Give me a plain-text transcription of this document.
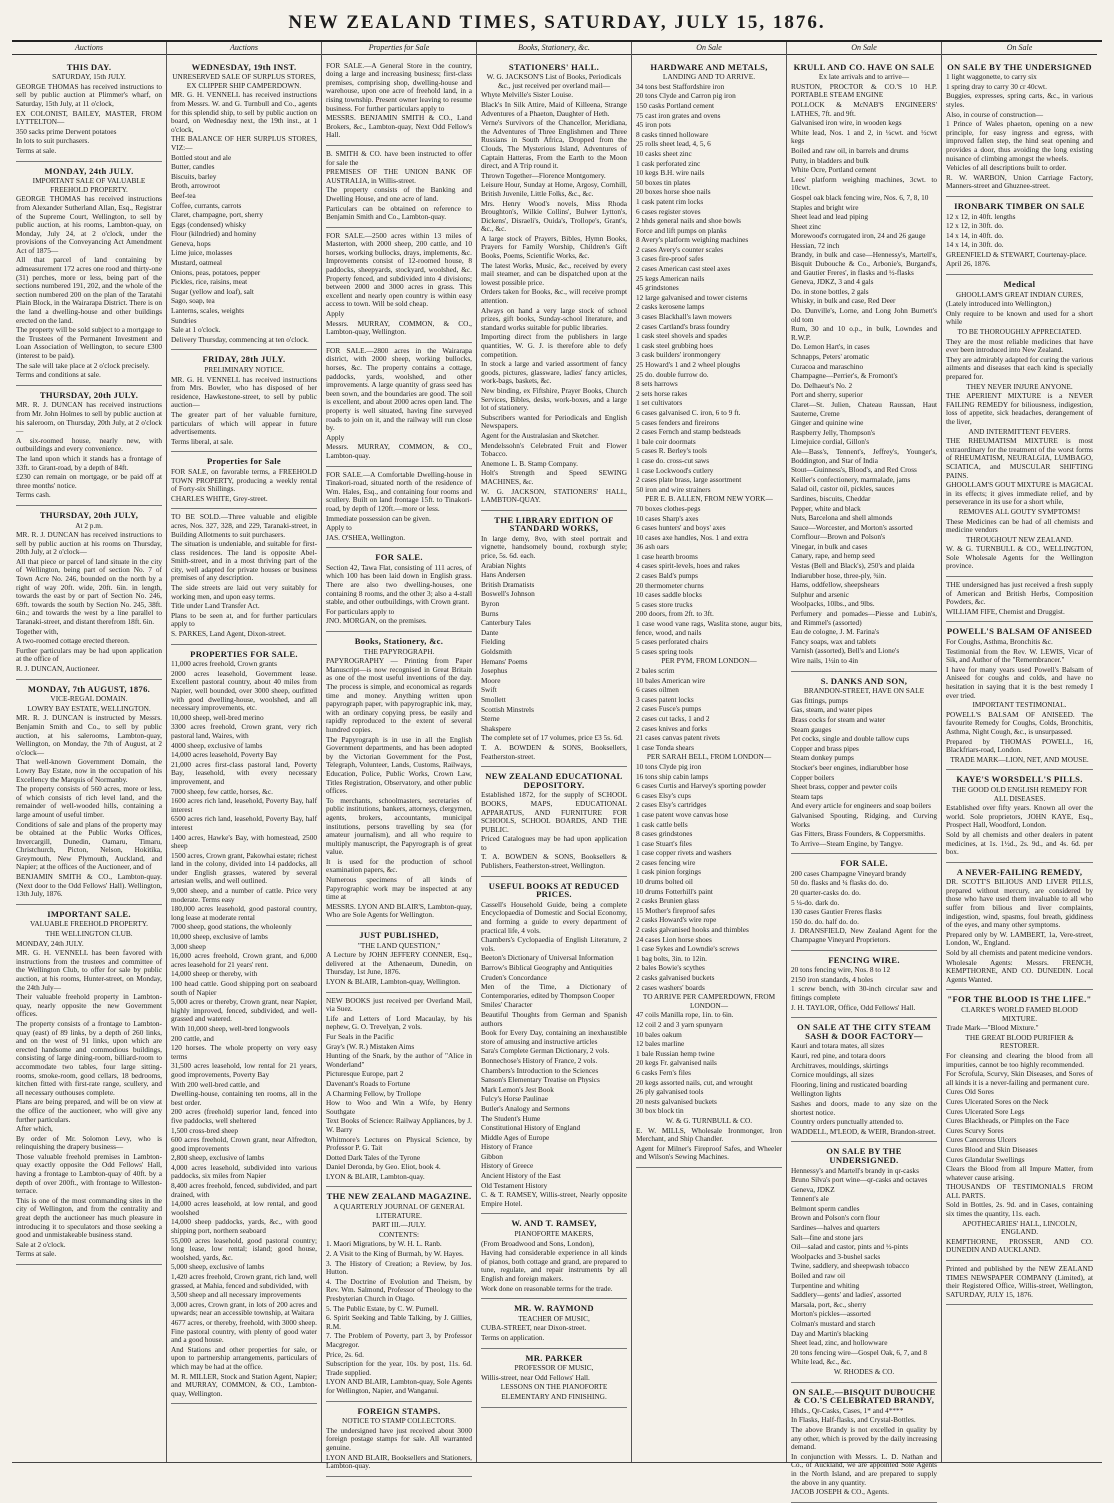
NEW ZEALAND TIMES, SATURDAY, JULY 15, 1876.
Auctions
THIS DAY.

SATURDAY, 15th JULY.

GEORGE THOMAS has received instructions to sell by public auction at Plimmer's wharf, on Saturday, 15th July, at 11 o'clock,

EX COLONIST, BAILEY, MASTER, FROM LYTTELTON—

350 sacks prime Derwent potatoes

In lots to suit purchasers.

Terms at sale.

MONDAY, 24th JULY.

IMPORTANT SALE OF VALUABLE FREEHOLD PROPERTY.

GEORGE THOMAS has received instructions from Alexander Sutherland Allan, Esq., Registrar of the Supreme Court, Wellington, to sell by public auction, at his rooms, Lambton-quay, on Monday, July 24, at 2 o'clock, under the provisions of the Conveyancing Act Amendment Act of 1875—

All that parcel of land containing by admeasurement 172 acres one rood and thirty-one (31) perches, more or less, being part of the sections numbered 191, 202, and the whole of the section numbered 200 on the plan of the Taratahi Plain Block, in the Wairarapa District. There is on the land a dwelling-house and other buildings erected on the land.

The property will be sold subject to a mortgage to the Trustees of the Permanent Investment and Loan Association of Wellington, to secure £300 (interest to be paid).

The sale will take place at 2 o'clock precisely.

Terms and conditions at sale.

THURSDAY, 20th JULY.

MR. R. J. DUNCAN has received instructions from Mr. John Holmes to sell by public auction at his saleroom, on Thursday, 20th July, at 2 o'clock—

A six-roomed house, nearly new, with outbuildings and every convenience.

The land upon which it stands has a frontage of 33ft. to Grant-road, by a depth of 84ft.

£230 can remain on mortgage, or be paid off at three months' notice.

Terms cash.

THURSDAY, 20th JULY,

At 2 p.m.

MR. R. J. DUNCAN has received instructions to sell by public auction at his rooms on Thursday, 20th July, at 2 o'clock—

All that piece or parcel of land situate in the city of Wellington, being part of section No. 7 of Town Acre No. 246, bounded on the north by a right of way 20ft. wide, 20ft. 6in. in length, towards the east by or part of Section No. 246, 69ft. towards the south by Section No. 245, 38ft. 6in.; and towards the west by a line parallel to Taranaki-street, and distant therefrom 18ft. 6in.

Together with,

A two-roomed cottage erected thereon.

Further particulars may be had upon application at the office of

R. J. DUNCAN, Auctioneer.

MONDAY, 7th AUGUST, 1876.

VICE-REGAL DOMAIN.

LOWRY BAY ESTATE, WELLINGTON.

MR. R. J. DUNCAN is instructed by Messrs. Benjamin Smith and Co., to sell by public auction, at his salerooms, Lambton-quay, Wellington, on Monday, the 7th of August, at 2 o'clock—

That well-known Government Domain, the Lowry Bay Estate, now in the occupation of his Excellency the Marquis of Normanby.

The property consists of 560 acres, more or less, of which consists of rich level land, and the remainder of well-wooded hills, containing a large amount of useful timber.

Conditions of sale and plans of the property may be obtained at the Public Works Offices, Invercargill, Dunedin, Oamaru, Timaru, Christchurch, Picton, Nelson, Hokitika, Greymouth, New Plymouth, Auckland, and Napier; at the offices of the Auctioneer, and of

BENJAMIN SMITH & CO., Lambton-quay. (Next door to the Odd Fellows' Hall). Wellington, 13th July, 1876.

IMPORTANT SALE.

VALUABLE FREEHOLD PROPERTY.

THE WELLINGTON CLUB.

MONDAY, 24th JULY.

MR. G. H. VENNELL has been favored with instructions from the trustees and committee of the Wellington Club, to offer for sale by public auction, at his rooms, Hunter-street, on Monday, the 24th July—

Their valuable freehold property in Lambton-quay, nearly opposite the new Government offices.

The property consists of a frontage to Lambton-quay (east) of 89 links, by a depth of 260 links, and on the west of 91 links, upon which are erected handsome and commodious buildings, consisting of large dining-room, billiard-room to accommodate two tables, four large sitting-rooms, smoke-room, good cellars, 18 bedrooms, kitchen fitted with first-rate range, scullery, and all necessary outhouses complete.

Plans are being prepared, and will be on view at the office of the auctioneer, who will give any further particulars.

After which,

By order of Mr. Solomon Levy, who is relinquishing the drapery business—

Those valuable freehold premises in Lambton-quay exactly opposite the Odd Fellows' Hall, having a frontage to Lambton-quay of 40ft. by a depth of over 200ft., with frontage to Willeston-terrace.

This is one of the most commanding sites in the city of Wellington, and from the centrality and great depth the auctioneer has much pleasure in introducing it to speculators and those seeking a good and unmistakeable business stand.

Sale at 2 o'clock.

Terms at sale.

Auctions
WEDNESDAY, 19th INST.

UNRESERVED SALE OF SURPLUS STORES, EX CLIPPER SHIP CAMPERDOWN.

MR. G. H. VENNELL has received instructions from Messrs. W. and G. Turnbull and Co., agents for this splendid ship, to sell by public auction on board, on Wednesday next, the 19th inst., at 1 o'clock,

THE BALANCE OF HER SURPLUS STORES, VIZ:—

Bottled stout and ale

Butter, candles

Biscuits, barley

Broth, arrowroot

Beef-tea

Coffee, currants, carrots

Claret, champagne, port, sherry

Eggs (condensed) whisky

Flour (kilndried) and hominy

Geneva, hops

Lime juice, molasses

Mustard, oatmeal

Onions, peas, potatoes, pepper

Pickles, rice, raisins, meat

Sugar (yellow and loaf), salt

Sago, soap, tea

Lanterns, scales, weights

Sundries

Sale at 1 o'clock.

Delivery Thursday, commencing at ten o'clock.

FRIDAY, 28th JULY.

PRELIMINARY NOTICE.

MR. G. H. VENNELL has received instructions from Mrs. Bowler, who has disposed of her residence, Hawkestone-street, to sell by public auction—

The greater part of her valuable furniture, particulars of which will appear in future advertisements.

Terms liberal, at sale.

Properties for Sale

FOR SALE, on favorable terms, a FREEHOLD TOWN PROPERTY, producing a weekly rental of Forty-six Shillings.

CHARLES WHITE, Grey-street.

TO BE SOLD.—Three valuable and eligible acres, Nos. 327, 328, and 229, Taranaki-street, in Building Allotments to suit purchasers.

The situation is undeniable, and suitable for first-class residences. The land is opposite Abel-Smith-street, and in a most thriving part of the city, well adapted for private houses or business premises of any description.

The side streets are laid out very suitably for working men, and upon easy terms.

Title under Land Transfer Act.

Plans to be seen at, and for further particulars apply to

S. PARKES, Land Agent, Dixon-street.

PROPERTIES FOR SALE.

11,000 acres freehold, Crown grants

2000 acres leasehold, Government lease. Excellent pastoral country, about 40 miles from Napier, well bounded, over 3000 sheep, outfitted with good dwelling-house, woolshed, and all necessary improvements, etc.

10,000 sheep, well-bred merino

3300 acres freehold, Crown grant, very rich pastoral land, Waires, with

4000 sheep, exclusive of lambs

14,000 acres leasehold, Poverty Bay

21,000 acres first-class pastoral land, Poverty Bay, leasehold, with every necessary improvement, and

7000 sheep, few cattle, horses, &c.

1600 acres rich land, leasehold, Poverty Bay, half interest

6500 acres rich land, leasehold, Poverty Bay, half interest

1400 acres, Hawke's Bay, with homestead, 2500 sheep

1500 acres, Crown grant, Pakowhai estate; richest land in the colony, divided into 14 paddocks, all under English grasses, watered by several artesian wells, and well outlined.

9,000 sheep, and a number of cattle. Price very moderate. Terms easy

180,000 acres leasehold, good pastoral country, long lease at moderate rental

7000 sheep, good stations, the wholeonly

10,000 sheep, exclusive of lambs

3,000 sheep

16,000 acres freehold, Crown grant, and 6,000 acres leasehold for 21 years' rent.

14,000 sheep or thereby, with

100 head cattle. Good shipping port on seaboard south of Napier

5,000 acres or thereby, Crown grant, near Napier, highly improved, fenced, subdivided, and well-grassed and watered.

With 10,000 sheep, well-bred longwools

200 cattle, and

120 horses. The whole property on very easy terms

31,500 acres leasehold, low rental for 21 years, good improvements, Poverty Bay

With 200 well-bred cattle, and

Dwelling-house, containing ten rooms, all in the best order.

200 acres (freehold) superior land, fenced into five paddocks, well sheltered

1,500 cross-bred sheep

600 acres freehold, Crown grant, near Alfredton, good improvements

2,800 sheep, exclusive of lambs

4,000 acres leasehold, subdivided into various paddocks, six miles from Napier

8,400 acres freehold, fenced, subdivided, and part drained, with

14,000 acres leasehold, at low rental, and good woolshed

14,000 sheep paddocks, yards, &c., with good shipping port, northern seaboard

55,000 acres leasehold, good pastoral country; long lease, low rental; island; good house, woolshed, yards, &c.

5,000 sheep, exclusive of lambs

1,420 acres freehold, Crown grant, rich land, well grassed, at Mahia, fenced and subdivided, with

3,500 sheep and all necessary improvements

3,000 acres, Crown grant, in lots of 200 acres and upwards; near an accessible township, at Waitara

4677 acres, or thereby, freehold, with 3000 sheep. Fine pastoral country, with plenty of good water and a good house.

And Stations and other properties for sale, or upon to partnership arrangements, particulars of which may be had at the office.

M. R. MILLER, Stock and Station Agent, Napier; and MURRAY, COMMON, & CO., Lambton-quay, Wellington.

Properties for Sale

FOR SALE.—A General Store in the country, doing a large and increasing business; first-class premises, comprising shop, dwelling-house and warehouse, upon one acre of freehold land, in a rising township. Present owner leaving to resume business. For further particulars apply to

MESSRS. BENJAMIN SMITH & CO., Land Brokers, &c., Lambton-quay, Next Odd Fellow's Hall.

B. SMITH & CO. have been instructed to offer for sale the

PREMISES OF THE UNION BANK OF AUSTRALIA, in Willis-street.

The property consists of the Banking and Dwelling House, and one acre of land.

Particulars can be obtained on reference to Benjamin Smith and Co., Lambton-quay.

FOR SALE.—2500 acres within 13 miles of Masterton, with 2000 sheep, 200 cattle, and 10 horses, working bullocks, drays, implements, &c. Improvements consist of 12-roomed house, 8 paddocks, sheepyards, stockyard, woolshed, &c. Property fenced, and subdivided into 4 divisions; between 2000 and 3000 acres in grass. This excellent and nearly open country is within easy access to town. Will be sold cheap.

Apply

Messrs. MURRAY, COMMON, & CO., Lambton-quay, Wellington.

FOR SALE.—2800 acres in the Wairarapa district, with 2000 sheep, working bullocks, horses, &c. The property contains a cottage, paddocks, yards, woolshed, and other improvements. A large quantity of grass seed has been sown, and the boundaries are good. The soil is excellent, and about 2000 acres open land. The property is well situated, having fine surveyed roads to join on it, and the railway will run close by.

Apply

Messrs. MURRAY, COMMON, & CO., Lambton-quay.

FOR SALE.—A Comfortable Dwelling-house in Tinakori-road, situated north of the residence of Wm. Hales, Esq., and containing four rooms and scullery. Built on land frontage 15ft. to Tinakori-road, by depth of 120ft.—more or less.

Immediate possession can be given.

Apply to

JAS. O'SHEA, Wellington.

FOR SALE.

Section 42, Tawa Flat, consisting of 111 acres, of which 100 has been laid down in English grass. There are also two dwelling-houses, one containing 8 rooms, and the other 3; also a 4-stall stable, and other outbuildings, with Crown grant.

For particulars apply to

JNO. MORGAN, on the premises.

Books, Stationery, &c.

THE PAPYROGRAPH.

PAPYROGRAPHY — Printing from Paper Manuscript—is now recognised in Great Britain as one of the most useful inventions of the day. The process is simple, and economical as regards time and money. Anything written upon papyrograph paper, with papyrographic ink, may, with an ordinary copying press, be easily and rapidly reproduced to the extent of several hundred copies.

The Papyrograph is in use in all the English Government departments, and has been adopted by the Victorian Government for the Post, Telegraph, Volunteer, Lands, Customs, Railways, Education, Police, Public Works, Crown Law, Titles Registration, Observatory, and other public offices.

To merchants, schoolmasters, secretaries of public institutions, bankers, attorneys, clergymen, agents, brokers, accountants, municipal institutions, persons travelling by sea (for amateur journalism), and all who require to multiply manuscript, the Papyrograph is of great value.

It is used for the production of school examination papers, &c.

Numerous specimens of all kinds of Papyrographic work may be inspected at any time at

MESSRS. LYON AND BLAIR'S, Lambton-quay, Who are Sole Agents for Wellington.

JUST PUBLISHED,

"THE LAND QUESTION,"

A Lecture by JOHN JEFFERY CONNER, Esq., delivered at the Athenaeum, Dunedin, on Thursday, 1st June, 1876.

LYON & BLAIR, Lambton-quay, Wellington.

NEW BOOKS just received per Overland Mail, via Suez.

Life and Letters of Lord Macaulay, by his nephew, G. O. Trevelyan, 2 vols.

Fur Seals in the Pacific

Gray's (W. R.) Mistaken Aims

Hunting of the Snark, by the author of "Alice in Wonderland"

Picturesque Europe, part 2

Davenant's Roads to Fortune

A Charming Fellow, by Trollope

How to Woo and Win a Wife, by Henry Southgate

Text Books of Science: Railway Appliances, by J. W. Barry

Whitmore's Lectures on Physical Science, by Professor P. G. Tait

Dotted Dark Tales of the Tyrone

Daniel Deronda, by Geo. Eliot, book 4.

LYON & BLAIR, Lambton-quay.

THE NEW ZEALAND MAGAZINE.

A QUARTERLY JOURNAL OF GENERAL LITERATURE.

PART III.—JULY.

CONTENTS:

1. Maori Migrations, by W. H. L. Ranb.

2. A Visit to the King of Burmah, by W. Hayes.

3. The History of Creation; a Review, by Jos. Hutton.

4. The Doctrine of Evolution and Theism, by Rev. Wm. Salmond, Professor of Theology to the Presbyterian Church in Otago.

5. The Public Estate, by C. W. Purnell.

6. Spirit Seeking and Table Talking, by J. Gillies, R.M.

7. The Problem of Poverty, part 3, by Professor Macgregor.

Price, 2s. 6d.

Subscription for the year, 10s. by post, 11s. 6d. Trade supplied.

LYON AND BLAIR, Lambton-quay, Sole Agents for Wellington, Napier, and Wanganui.

FOREIGN STAMPS.

NOTICE TO STAMP COLLECTORS.

The undersigned have just received about 3000 foreign postage stamps for sale. All warranted genuine.

LYON AND BLAIR, Booksellers and Stationers, Lambton-quay.

Books, Stationery, &c.
STATIONERS' HALL.

W. G. JACKSON'S List of Books, Periodicals &c., just received per overland mail—

Whyte Melville's Sister Louise.

Black's In Silk Attire, Maid of Killeena, Strange Adventures of a Phaeton, Daughter of Heth.

Verne's Survivors of the Chancellor, Meridiana, the Adventures of Three Englishmen and Three Russians in South Africa, Dropped from the Clouds, The Mysterious Island, Adventures of Captain Hatteras, From the Earth to the Moon direct, and A Trip round it.

Thrown Together—Florence Montgomery.

Leisure Hour, Sunday at Home, Argosy, Cornhill, British Juvenile, Little Folks, &c., &c.

Mrs. Henry Wood's novels, Miss Rhoda Broughton's, Wilkie Collins', Bulwer Lytton's, Dickens', Disraeli's, Ouida's, Trollope's, Grant's, &c., &c.

A large stock of Prayers, Bibles, Hymn Books, Prayers for Family Worship, Children's Gift Books, Poems, Scientific Works, &c.

The latest Works, Music, &c., received by every mail steamer, and can be dispatched upon at the lowest possible price.

Orders taken for Books, &c., will receive prompt attention.

Always on hand a very large stock of school prizes, gift books, Sunday-school literature, and standard works suitable for public libraries.

Importing direct from the publishers in large quantities, W. G. J. is therefore able to defy competition.

In stock a large and varied assortment of fancy goods, pictures, glassware, ladies' fancy articles, work-bags, baskets, &c.

New binding, ex Fiftshire, Prayer Books, Church Services, Bibles, desks, work-boxes, and a large lot of stationery.

Subscribers wanted for Periodicals and English Newspapers.

Agent for the Australasian and Sketcher.

Mendelssohn's Celebrated Fruit and Flower Tobacco.

Anemone L. B. Stamp Company.

Holt's Strength and Speed SEWING MACHINES, &c.

W. G. JACKSON, STATIONERS' HALL, LAMBTON-QUAY.

THE LIBRARY EDITION OF STANDARD WORKS,

In large demy, 8vo, with steel portrait and vignette, handsomely bound, roxburgh style; price, 5s. 6d. each.

Arabian Nights

Hans Andersen

British Dramatists

Boswell's Johnson

Byron

Burns

Canterbury Tales

Dante

Fielding

Goldsmith

Hemans' Poems

Josephus

Moore

Swift

Smollett

Scottish Minstrels

Sterne

Shakspere

The complete set of 17 volumes, price £3 5s. 6d.

T. A. BOWDEN & SONS, Booksellers, Featherston-street.

NEW ZEALAND EDUCATIONAL DEPOSITORY.

Established 1872, for the supply of SCHOOL BOOKS, MAPS, EDUCATIONAL APPARATUS, AND FURNITURE FOR SCHOOLS, SCHOOL BOARDS, AND THE PUBLIC.

Priced Catalogues may be had upon application to

T. A. BOWDEN & SONS, Booksellers & Publishers, Featherston-street, Wellington.

USEFUL BOOKS AT REDUCED PRICES.

Cassell's Household Guide, being a complete Encyclopaedia of Domestic and Social Economy, and forming a guide to every department of practical life, 4 vols.

Chambers's Cyclopaedia of English Literature, 2 vols.

Beeton's Dictionary of Universal Information

Barrow's Biblical Geography and Antiquities

Cruden's Concordance

Men of the Time, a Dictionary of Contemporaries, edited by Thompson Cooper

Smiles' Character

Beautiful Thoughts from German and Spanish authors

Book for Every Day, containing an inexhaustible store of amusing and instructive articles

Sara's Complete German Dictionary, 2 vols.

Bonnechose's History of France, 2 vols.

Chambers's Introduction to the Sciences

Sanson's Elementary Treatise on Physics

Mark Lemon's Jest Book

Fulcy's Horse Paulinae

Butler's Analogy and Sermons

The Student's Hume

Constitutional History of England

Middle Ages of Europe

History of France

Gibbon

History of Greece

Ancient History of the East

Old Testament History

C. & T. RAMSEY, Willis-street, Nearly opposite Empire Hotel.

W. AND T. RAMSEY,

PIANOFORTE MAKERS,

(From Broadwood and Sons, London),

Having had considerable experience in all kinds of pianos, both cottage and grand, are prepared to tune, regulate, and repair instruments by all English and foreign makers.

Work done on reasonable terms for the trade.

MR. W. RAYMOND

TEACHER OF MUSIC,

CUBA-STREET, near Dixon-street.

Terms on application.

MR. PARKER

PROFESSOR OF MUSIC,

Willis-street, near Odd Fellows' Hall.

LESSONS ON THE PIANOFORTE

ELEMENTARY AND FINISHING.

On Sale
HARDWARE AND METALS,

LANDING AND TO ARRIVE.

34 tons best Staffordshire iron

20 tons Clyde and Carron pig iron

150 casks Portland cement

75 cast iron grates and ovens

45 iron pots

8 casks tinned holloware

25 rolls sheet lead, 4, 5, 6

10 casks sheet zinc

1 cask perforated zinc

10 kegs B.H. wire nails

50 boxes tin plates

20 boxes horse shoe nails

1 cask patent rim locks

6 cases register stoves

2 hhds general nails and shoe bowls

Force and lift pumps on planks

8 Avery's platform weighing machines

2 cases Avery's counter scales

3 cases fire-proof safes

2 cases American cast steel axes

25 kegs American nails

45 grindstones

12 large galvanised and tower cisterns

2 casks kerosene lamps

3 cases Blackhall's lawn mowers

2 cases Cartland's brass foundry

1 cask steel shovels and spades

1 cask steel grubbing hoes

3 cask builders' ironmongery

25 Howard's 1 and 2 wheel ploughs

25 do. double furrow do.

8 sets harrows

2 sets horse rakes

1 set cultivators

6 cases galvanised C. iron, 6 to 9 ft.

5 cases fenders and fireirons

2 cases Fernch and stamp bedsteads

1 bale coir doormats

5 cases R. Berley's tools

1 case do. cross-cut saws

1 case Lockwood's cutlery

2 cases plate brass, large assortment

50 iron and wire strainers

PER E. B. ALLEN, FROM NEW YORK—

70 boxes clothes-pegs

10 cases Sharp's axes

6 cases hunters' and boys' axes

10 cases axe handles, Nos. 1 and extra

36 ash oars

1 case hearth brooms

4 cases spirit-levels, hoes and rakes

2 cases Bald's pumps

20 thermometer churns

10 cases saddle blocks

5 cases store trucks

200 doors, from 2ft. to 3ft.

1 case wood vane rags, Waslita stone, augur bits, fence, wood, and nails

5 cases perforated chairs

5 cases spring tools

PER PYM, FROM LONDON—

2 bales scrim

10 bales American wire

6 cases oilmen

3 cases patent locks

2 cases Fusce's pumps

2 cases cut tacks, 1 and 2

2 cases knives and forks

21 cases canvas patent rivets

1 case Tonda shears

PER SARAH BELL, FROM LONDON—

10 tons Clyde pig iron

16 tons ship cabin lamps

6 cases Curtis and Harvey's sporting powder

6 cases Elsy's cups

2 cases Elsy's cartridges

1 case patent wove canvas hose

1 cask cattle bells

8 cases grindstones

1 case Stuart's files

1 case copper rivets and washers

2 cases fencing wire

1 cask pinion forgings

10 drums bolted oil

10 drums Fotterhill's paint

2 casks Brunien glass

15 Mother's fireproof safes

2 casks Howard's wire rope

2 casks galvanised hooks and thimbles

24 cases Lion horse shoes

1 case Sykes and Lowndie's screws

1 bag bolts, 3in. to 12in.

2 bales Bowie's scythes

2 casks galvanised buckets

2 cases washers' boards

TO ARRIVE PER CAMPERDOWN, FROM LONDON—

47 coils Manilla rope, 1in. to 6in.

12 coil 2 and 3 yarn spunyarn

10 bales oakum

12 bales marline

1 bale Russian hemp twine

20 kegs Fr. galvanised nails

6 casks Fern's files

20 kegs assorted nails, cut, and wrought

26 ply galvanised tools

20 nests galvanised buckets

30 box block tin

W. & G. TURNBULL & CO.

E. W. MILLS, Wholesale Ironmonger, Iron Merchant, and Ship Chandler.

Agent for Milner's Fireproof Safes, and Wheeler and Wilson's Sewing Machines.

On Sale
KRULL AND CO. HAVE ON SALE

Ex late arrivals and to arrive—

RUSTON, PROCTOR & CO.'S 10 H.P. PORTABLE STEAM ENGINE

POLLOCK & McNAB'S ENGINEERS' LATHES, 7ft. and 9ft.

Galvanised iron wire, in wooden kegs

White lead, Nos. 1 and 2, in ¼cwt. and ½cwt kegs

Boiled and raw oil, in barrels and drums

Putty, in bladders and bulk

White Ocre, Portland cement

Lees' platform weighing machines, 3cwt. to 10cwt.

Gospel oak black fencing wire, Nos. 6, 7, 8, 10

Staples and bright wire

Sheet lead and lead piping

Sheet zinc

Morewood's corrugated iron, 24 and 26 gauge

Hessian, 72 inch

Brandy, in bulk and case—Hennessy's, Martell's, Bisquit Dubouche & Co., Arbonie's, Burgand's, and Gautier Freres', in flasks and ½-flasks

Geneva, JDKZ, 3 and 4 gals

Do. in stone bottles, 2 gals

Whisky, in bulk and case, Red Deer

Do. Dunville's, Lorne, and Long John Burnett's old tom

Rum, 30 and 10 o.p., in bulk, Lowndes and R.W.P.

Do. Lemon Hart's, in cases

Schnapps, Peters' aromatic

Curacoa and maraschino

Champagne—Perrier's, & Fromont's

Do. Delhaeut's No. 2

Port and sherry, superior

Claret—St. Julien, Chateau Raussan, Haut Sauterne, Creme

Ginger and quinine wine

Raspberry Jelly, Thompson's

Limejuice cordial, Gillon's

Ale—Bass's, Tennent's, Jeffrey's, Younger's, Boddington, and Star of India

Stout—Guinness's, Blood's, and Red Cross

Keiller's confectionery, marmalade, jams

Salad oil, castor oil, pickles, sauces

Sardines, biscuits, Cheddar

Pepper, white and black

Nuts, Barcelona and shell almonds

Sauce—Worcester, and Morton's assorted

Cornflour—Brown and Polson's

Vinegar, in bulk and cases

Canary, rape, and hemp seed

Vestas (Bell and Black's), 250's and plaida

Indiarubber hose, three-ply, ¾in.

Hams, oddfellow, sheepshears

Sulphur and arsenic

Woolpacks, 10lbs., and 9lbs.

Perfumery and pomades—Piesse and Lubin's, and Rimmel's (assorted)

Eau de cologne, J. M. Farina's

Fancy soaps, wax and tablets

Varnish (assorted), Bell's and Lione's

Wire nails, 1½in to 4in

S. DANKS AND SON,

BRANDON-STREET, HAVE ON SALE

Gas fittings, pumps

Gas, steam, and water pipes

Brass cocks for steam and water

Steam gauges

Pet cocks, single and double tallow cups

Copper and brass pipes

Steam donkey pumps

Stocker's beer engines, indiarubber hose

Copper boilers

Sheet brass, copper and pewter coils

Steam taps

And every article for engineers and soap boilers

Galvanised Spouting, Ridging, and Curving Works

Gas Fitters, Brass Founders, & Coppersmiths.

To Arrive—Steam Engine, by Tangye.

FOR SALE.

200 cases Champagne Vineyard brandy

50 do. flasks and ¼ flasks do. do.

20 quarter-casks do. do.

5 ¼-do. dark do.

130 cases Gautier Freres flasks

150 do. do. half do. do.

J. DRANSFIELD, New Zealand Agent for the Champagne Vineyard Proprietors.

FENCING WIRE.

20 tons fencing wire, Nos. 8 to 12

2150 iron standards, 4 holes

1 screw bench, with 30-inch circular saw and fittings complete

J. H. TAYLOR, Office, Odd Fellows' Hall.

ON SALE AT THE CITY STEAM SASH & DOOR FACTORY—

Kauri and totara mates, all sizes

Kauri, red pine, and totara doors

Architraves, mouldings, skirtings

Cornice mouldings, all sizes

Flooring, lining and rusticated boarding

Wellington lights

Sashes and doors, made to any size on the shortest notice.

Country orders punctually attended to.

WADDELL, M'LEOD, & WEIR, Brandon-street.

ON SALE BY THE UNDERSIGNED.

Hennessy's and Martell's brandy in qr-casks

Bruno Silva's port wine—qr-casks and octaves

Geneva, JDKZ

Tennent's ale

Belmont sperm candles

Brown and Polson's corn flour

Sardines—halves and quarters

Salt—fine and stone jars

Oil—salad and castor, pints and ½-pints

Woolpacks and 3-bushel sacks

Twine, saddlery, and sheepwash tobacco

Boiled and raw oil

Turpentine and whiting

Saddlery—gents' and ladies', assorted

Marsala, port, &c., sherry

Morton's pickles—assorted

Colman's mustard and starch

Day and Martin's blacking

Sheet lead, zinc, and hollowware

20 tons fencing wire—Gospel Oak, 6, 7, and 8

White lead, &c., &c.

W. RHODES & CO.

ON SALE.—BISQUIT DUBOUCHE & CO.'S CELEBRATED BRANDY,

Hhds., Qr-Casks, Cases, 1* and 4****

In Flasks, Half-flasks, and Crystal-Bottles.

The above Brandy is not excelled in quality by any other, which is proved by the daily increasing demand.

In conjunction with Messrs. L. D. Nathan and Co., of Auckland, we are appointed Sole Agents in the North Island, and are prepared to supply the above in any quantity.

JACOB JOSEPH & CO., Agents.

On Sale
ON SALE BY THE UNDERSIGNED

1 light waggonette, to carry six

1 spring dray to carry 30 cr 40cwt.

Buggies, expresses, spring carts, &c., in various styles.

Also, in course of construction—

1 Prince of Wales phaeton, opening on a new principle, for easy ingress and egress, with improved fallen step, the hind seat opening and provides a door, thus avoiding the long existing nuisance of climbing amongst the wheels.

Vehicles of all descriptions built to order.

R. W. WARBON, Union Carriage Factory, Manners-street and Ghuznee-street.

IRONBARK TIMBER ON SALE

12 x 12, in 40ft. lengths

12 x 12, in 30ft. do.

14 x 14, in 40ft. do.

14 x 14, in 30ft. do.

GREENFIELD & STEWART, Courtenay-place.

April 26, 1876.

Medical

GHOOLLAM'S GREAT INDIAN CURES,

(Lately introduced into Wellington,)

Only require to be known and used for a short while

TO BE THOROUGHLY APPRECIATED.

They are the most reliable medicines that have ever been introduced into New Zealand.

They are admirably adapted for curing the various ailments and diseases that each kind is specially prepared for.

THEY NEVER INJURE ANYONE.

THE APERIENT MIXTURE is a NEVER FAILING REMEDY for biliousness, indigestion, loss of appetite, sick headaches, derangement of the liver,

AND INTERMITTENT FEVERS.

THE RHEUMATISM MIXTURE is most extraordinary for the treatment of the worst forms of RHEUMATISM, NEURALGIA, LUMBAGO, SCIATICA, and MUSCULAR SHIFTING PAINS.

GHOOLLAM'S GOUT MIXTURE is MAGICAL in its effects; it gives immediate relief, and by perseverance in its use for a short while,

REMOVES ALL GOUTY SYMPTOMS!

These Medicines can be had of all chemists and medicine vendors

THROUGHOUT NEW ZEALAND.

W. & G. TURNBULL & CO., WELLINGTON, Sole Wholesale Agents for the Wellington province.

THE undersigned has just received a fresh supply of American and British Herbs, Composition Powders, &c.

WILLIAM FIFE, Chemist and Druggist.

POWELL'S BALSAM OF ANISEED

For Coughs, Asthma, Bronchitis &c.

Testimonial from the Rev. W. LEWIS, Vicar of Sik, and Author of the "Remembrancer."

I have for many years used Powell's Balsam of Aniseed for coughs and colds, and have no hesitation in saying that it is the best remedy I ever tried.

IMPORTANT TESTIMONIAL.

POWELL'S BALSAM OF ANISEED. The favourite Remedy for Coughs, Colds, Bronchitis, Asthma, Night Cough, &c., is unsurpassed.

Prepared by THOMAS POWELL, 16, Blackfriars-road, London.

TRADE MARK—LION, NET, AND MOUSE.

KAYE'S WORSDELL'S PILLS.

THE GOOD OLD ENGLISH REMEDY FOR ALL DISEASES.

Established over fifty years. Known all over the world. Sole proprietors, JOHN KAYE, Esq., Prospect Hall, Woodford, London.

Sold by all chemists and other dealers in patent medicines, at 1s. 1½d., 2s. 9d., and 4s. 6d. per box.

A NEVER-FAILING REMEDY,

DR. SCOTT'S BILIOUS AND LIVER PILLS, prepared without mercury, are considered by those who have used them invaluable to all who suffer from bilious and liver complaints, indigestion, wind, spasms, foul breath, giddiness of the eyes, and many other symptoms.

Prepared only by W. LAMBERT, 1a, Vere-street, London, W., England.

Sold by all chemists and patent medicine vendors.

Wholesale Agents: Messrs. FRENCH, KEMPTHORNE, AND CO. DUNEDIN. Local Agents Wanted.

"FOR THE BLOOD IS THE LIFE."

CLARKE'S WORLD FAMED BLOOD MIXTURE.

Trade Mark—"Blood Mixture."

THE GREAT BLOOD PURIFIER & RESTORER.

For cleansing and clearing the blood from all impurities, cannot be too highly recommended.

For Scrofula, Scurvy, Skin Diseases, and Sores of all kinds it is a never-failing and permanent cure.

Cures Old Sores

Cures Ulcerated Sores on the Neck

Cures Ulcerated Sore Legs

Cures Blackheads, or Pimples on the Face

Cures Scurvy Sores

Cures Cancerous Ulcers

Cures Blood and Skin Diseases

Cures Glandular Swellings

Clears the Blood from all Impure Matter, from whatever cause arising.

THOUSANDS OF TESTIMONIALS FROM ALL PARTS.

Sold in Bottles, 2s. 9d. and in Cases, containing six times the quantity, 11s. each.

APOTHECARIES' HALL, LINCOLN, ENGLAND.

KEMPTHORNE, PROSSER, AND CO. DUNEDIN AND AUCKLAND.

Printed and published by the NEW ZEALAND TIMES NEWSPAPER COMPANY (Limited), at their Registered Office, Willis-street, Wellington, SATURDAY, JULY 15, 1876.
